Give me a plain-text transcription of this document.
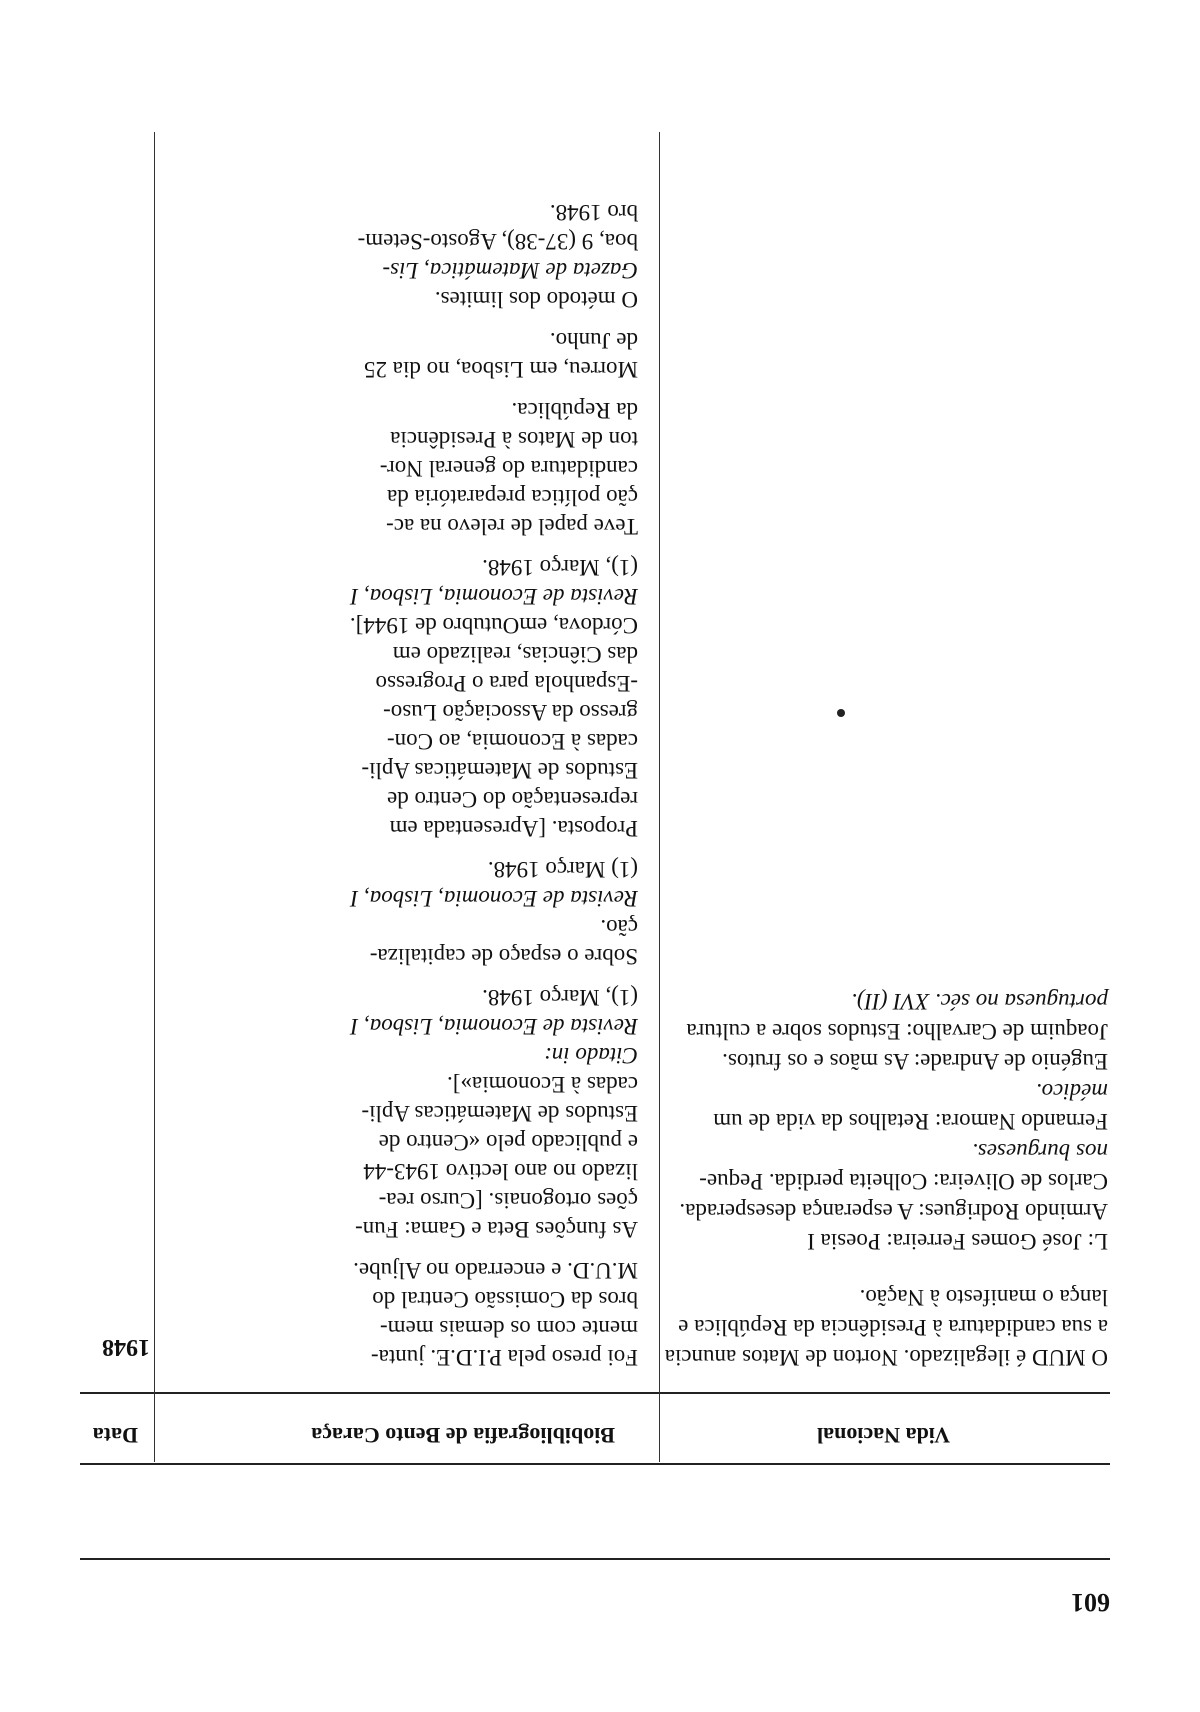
601
Vida Nacional
Biobibliografia de Bento Caraça
Data
O MUD é ilegalizado. Norton de Matos anuncia
a sua candidatura à Presidência da República e
lança o manifesto à Nação.
L: José Gomes Ferreira: Poesia I
Armindo Rodrigues: A esperança desesperada.
Carlos de Oliveira: Colheita perdida. Peque-
nos burgueses.
Fernando Namora: Retalhos da vida de um
médico.
Eugénio de Andrade: As mãos e os frutos.
Joaquim de Carvalho: Estudos sobre a cultura
portuguesa no séc. XVI (II).
Foi preso pela P.I.D.E. junta-
mente com os demais mem-
bros da Comissão Central do
M.U.D. e encerrado no Aljube.
As funções Beta e Gama: Fun-
ções ortogonais. [Curso rea-
lizado no ano lectivo 1943-44
e publicado pelo «Centro de
Estudos de Matemáticas Apli-
cadas à Economia»].
Citado in:
Revista de Economia, Lisboa, I
(1), Março 1948.
Sobre o espaço de capitaliza-
ção.
Revista de Economia, Lisboa, I
(1) Março 1948.
Proposta. [Apresentada em
representação do Centro de
Estudos de Matemáticas Apli-
cadas à Economia, ao Con-
gresso da Associação Luso-
-Espanhola para o Progresso
das Ciências, realizado em
Córdova, emOutubro de 1944].
Revista de Economia, Lisboa, I
(1), Março 1948.
Teve papel de relevo na ac-
ção política preparatória da
candidatura do general Nor-
ton de Matos à Presidência
da República.
Morreu, em Lisboa, no dia 25
de Junho.
O método dos limites.
Gazeta de Matemática, Lis-
boa, 9 (37-38), Agosto-Setem-
bro 1948.
1948
